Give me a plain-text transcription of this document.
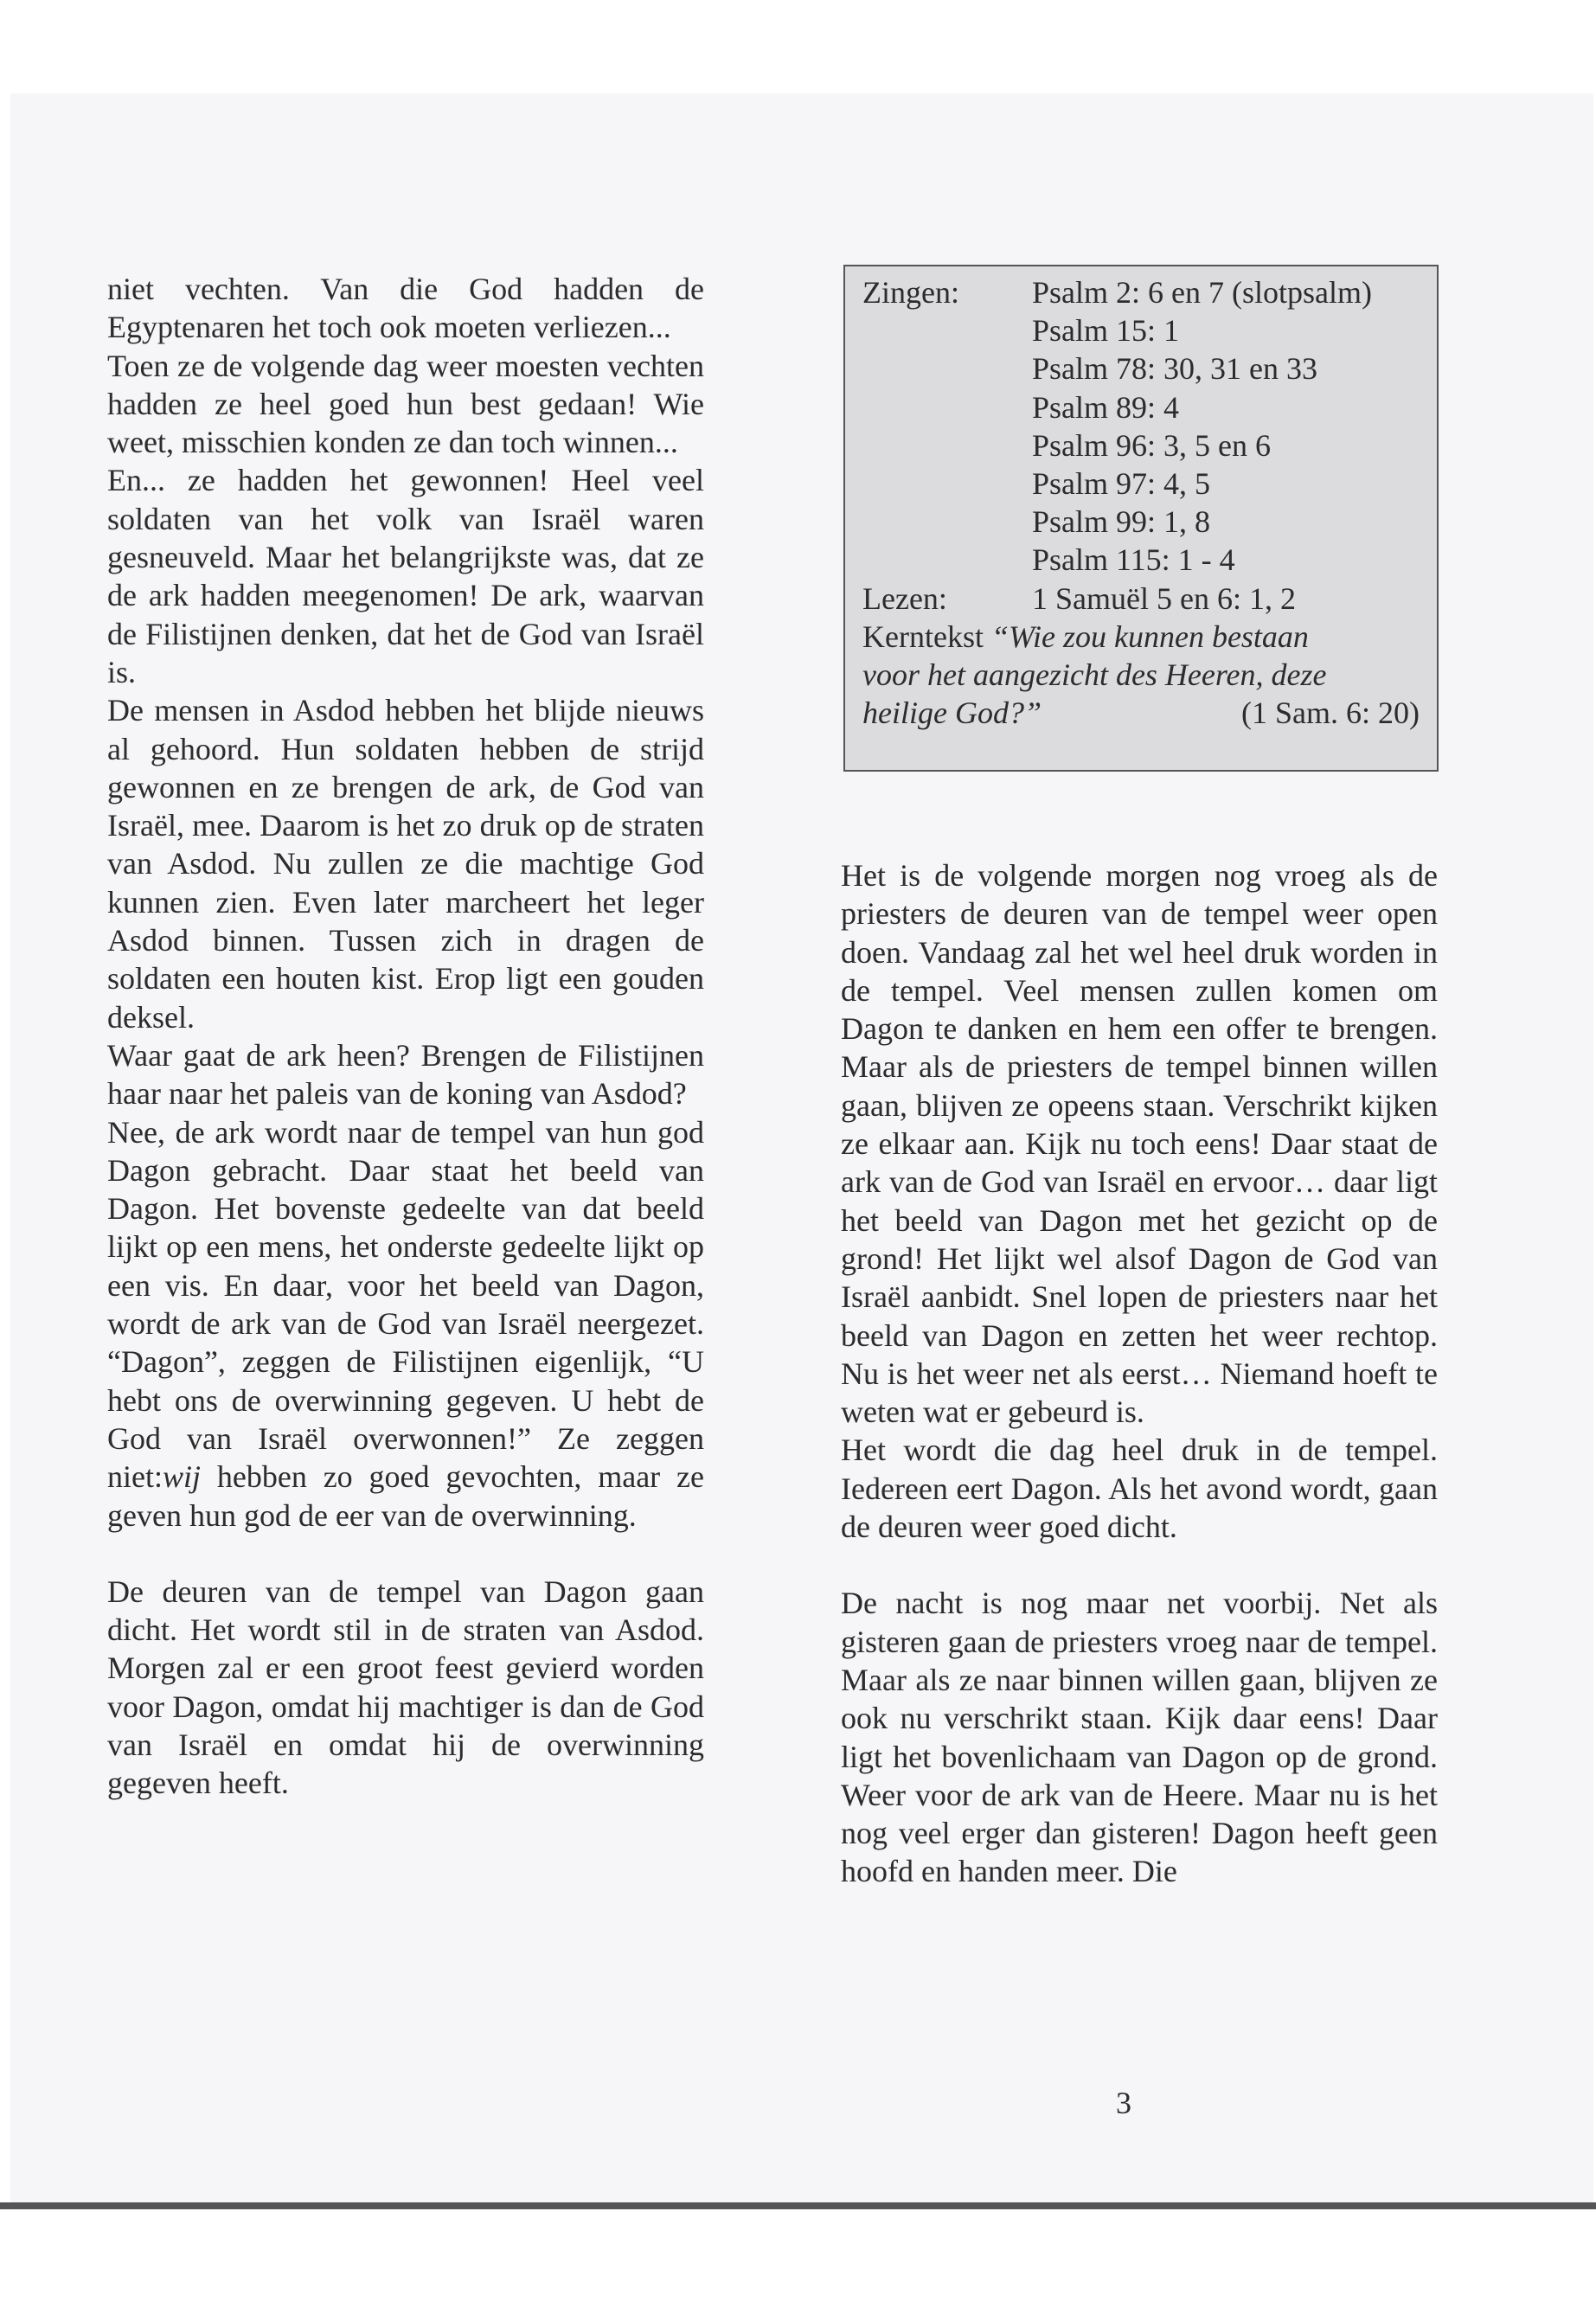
niet vechten. Van die God hadden de Egyptenaren het toch ook moeten verliezen...

Toen ze de volgende dag weer moesten vechten hadden ze heel goed hun best gedaan! Wie weet, misschien konden ze dan toch winnen...

En... ze hadden het gewonnen! Heel veel soldaten van het volk van Israël waren gesneuveld. Maar het belangrijkste was, dat ze de ark hadden meegenomen! De ark, waarvan de Filistijnen denken, dat het de God van Israël is.

De mensen in Asdod hebben het blijde nieuws al gehoord. Hun soldaten hebben de strijd gewonnen en ze brengen de ark, de God van Israël, mee. Daarom is het zo druk op de straten van Asdod. Nu zullen ze die machtige God kunnen zien. Even later marcheert het leger Asdod binnen. Tussen zich in dragen de soldaten een houten kist. Erop ligt een gouden deksel.

Waar gaat de ark heen? Brengen de Filistijnen haar naar het paleis van de koning van Asdod?

Nee, de ark wordt naar de tempel van hun god Dagon gebracht. Daar staat het beeld van Dagon. Het bovenste gedeelte van dat beeld lijkt op een mens, het onderste gedeelte lijkt op een vis. En daar, voor het beeld van Dagon, wordt de ark van de God van Israël neergezet. “Dagon”, zeggen de Filistijnen eigenlijk, “U hebt ons de overwinning gegeven. U hebt de God van Israël overwonnen!” Ze zeggen niet:wij hebben zo goed gevochten, maar ze geven hun god de eer van de overwinning.

De deuren van de tempel van Dagon gaan dicht. Het wordt stil in de straten van Asdod. Morgen zal er een groot feest gevierd worden voor Dagon, omdat hij machtiger is dan de God van Israël en omdat hij de overwinning gegeven heeft.

Zingen:	Psalm 2: 6 en 7 (slotpsalm)
Psalm 15: 1
Psalm 78: 30, 31 en 33
Psalm 89: 4
Psalm 96: 3, 5 en 6
Psalm 97: 4, 5
Psalm 99: 1, 8
Psalm 115: 1 - 4
Lezen:	1 Samuël 5 en 6: 1, 2
Kerntekst
“Wie zou kunnen bestaan
voor het aangezicht des Heeren, deze
heilige God?”	(1 Sam. 6: 20)

Het is de volgende morgen nog vroeg als de priesters de deuren van de tempel weer open doen. Vandaag zal het wel heel druk worden in de tempel. Veel mensen zullen komen om Dagon te danken en hem een offer te brengen. Maar als de priesters de tempel binnen willen gaan, blijven ze opeens staan. Verschrikt kijken ze elkaar aan. Kijk nu toch eens! Daar staat de ark van de God van Israël en ervoor… daar ligt het beeld van Dagon met het gezicht op de grond! Het lijkt wel alsof Dagon de God van Israël aanbidt. Snel lopen de priesters naar het beeld van Dagon en zetten het weer rechtop. Nu is het weer net als eerst… Niemand hoeft te weten wat er gebeurd is.

Het wordt die dag heel druk in de tempel. Iedereen eert Dagon. Als het avond wordt, gaan de deuren weer goed dicht.

De nacht is nog maar net voorbij. Net als gisteren gaan de priesters vroeg naar de tempel. Maar als ze naar binnen willen gaan, blijven ze ook nu verschrikt staan. Kijk daar eens! Daar ligt het bovenlichaam van Dagon op de grond. Weer voor de ark van de Heere. Maar nu is het nog veel erger dan gisteren! Dagon heeft geen hoofd en handen meer. Die

3
